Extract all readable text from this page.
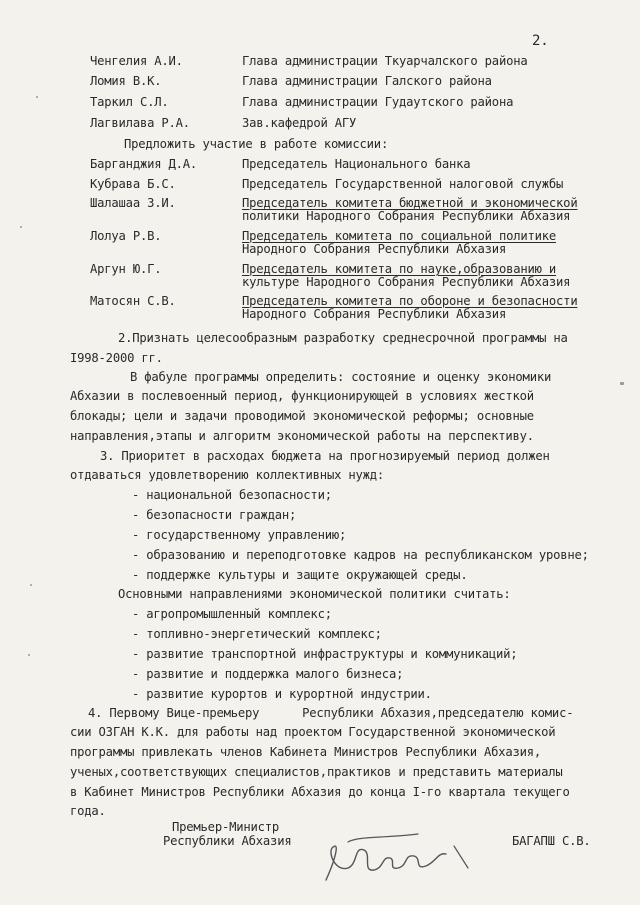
2.
Ченгелия А.И.	Глава администрации Ткуарчалского района
Ломия В.К.	Глава администрации Галского района
Таркил С.Л.	Глава администрации Гудаутского района
Лагвилава Р.А.	Зав.кафедрой АГУ
Предложить участие в работе комиссии:
Барганджия Д.А.	Председатель Национального банка
Кубрава Б.С.	Председатель Государственной налоговой службы
Шалашаа З.И.	Председатель комитета бюджетной и экономической
политики Народного Собрания Республики Абхазия
Лолуа Р.В.	Председатель комитета по социальной политике
Народного Собрания Республики Абхазия
Аргун Ю.Г.	Председатель комитета по науке,образованию и
культуре Народного Собрания Республики Абхазия
Матосян С.В.	Председатель комитета по обороне и безопасности
Народного Собрания Республики Абхазия
2.Признать целесообразным разработку среднесрочной программы на
I998-2000 гг.
В фабуле программы определить: состояние и оценку экономики
Абхазии в послевоенный период, функционирующей в условиях жесткой
блокады; цели и задачи проводимой экономической реформы; основные
направления,этапы и алгоритм экономической работы на перспективу.
3. Приоритет в расходах бюджета на прогнозируемый период должен
отдаваться удовлетворению коллективных нужд:
- национальной безопасности;
- безопасности граждан;
- государственному управлению;
- образованию и переподготовке кадров на республиканском уровне;
- поддержке культуры и защите окружающей среды.
Основными направлениями экономической политики считать:
- агропромышленный комплекс;
- топливно-энергетический комплекс;
- развитие транспортной инфраструктуры и коммуникаций;
- развитие и поддержка малого бизнеса;
- развитие курортов и курортной индустрии.
4. Первому Вице-премьеру      Республики Абхазия,председателю комис-
сии ОЗГАН К.К. для работы над проектом Государственной экономической
программы привлекать членов Кабинета Министров Республики Абхазия,
ученых,соответствующих специалистов,практиков и представить материалы
в Кабинет Министров Республики Абхазия до конца I-го квартала текущего
года.
Премьер-Министр
Республики Абхазия	БАГАПШ С.В.
